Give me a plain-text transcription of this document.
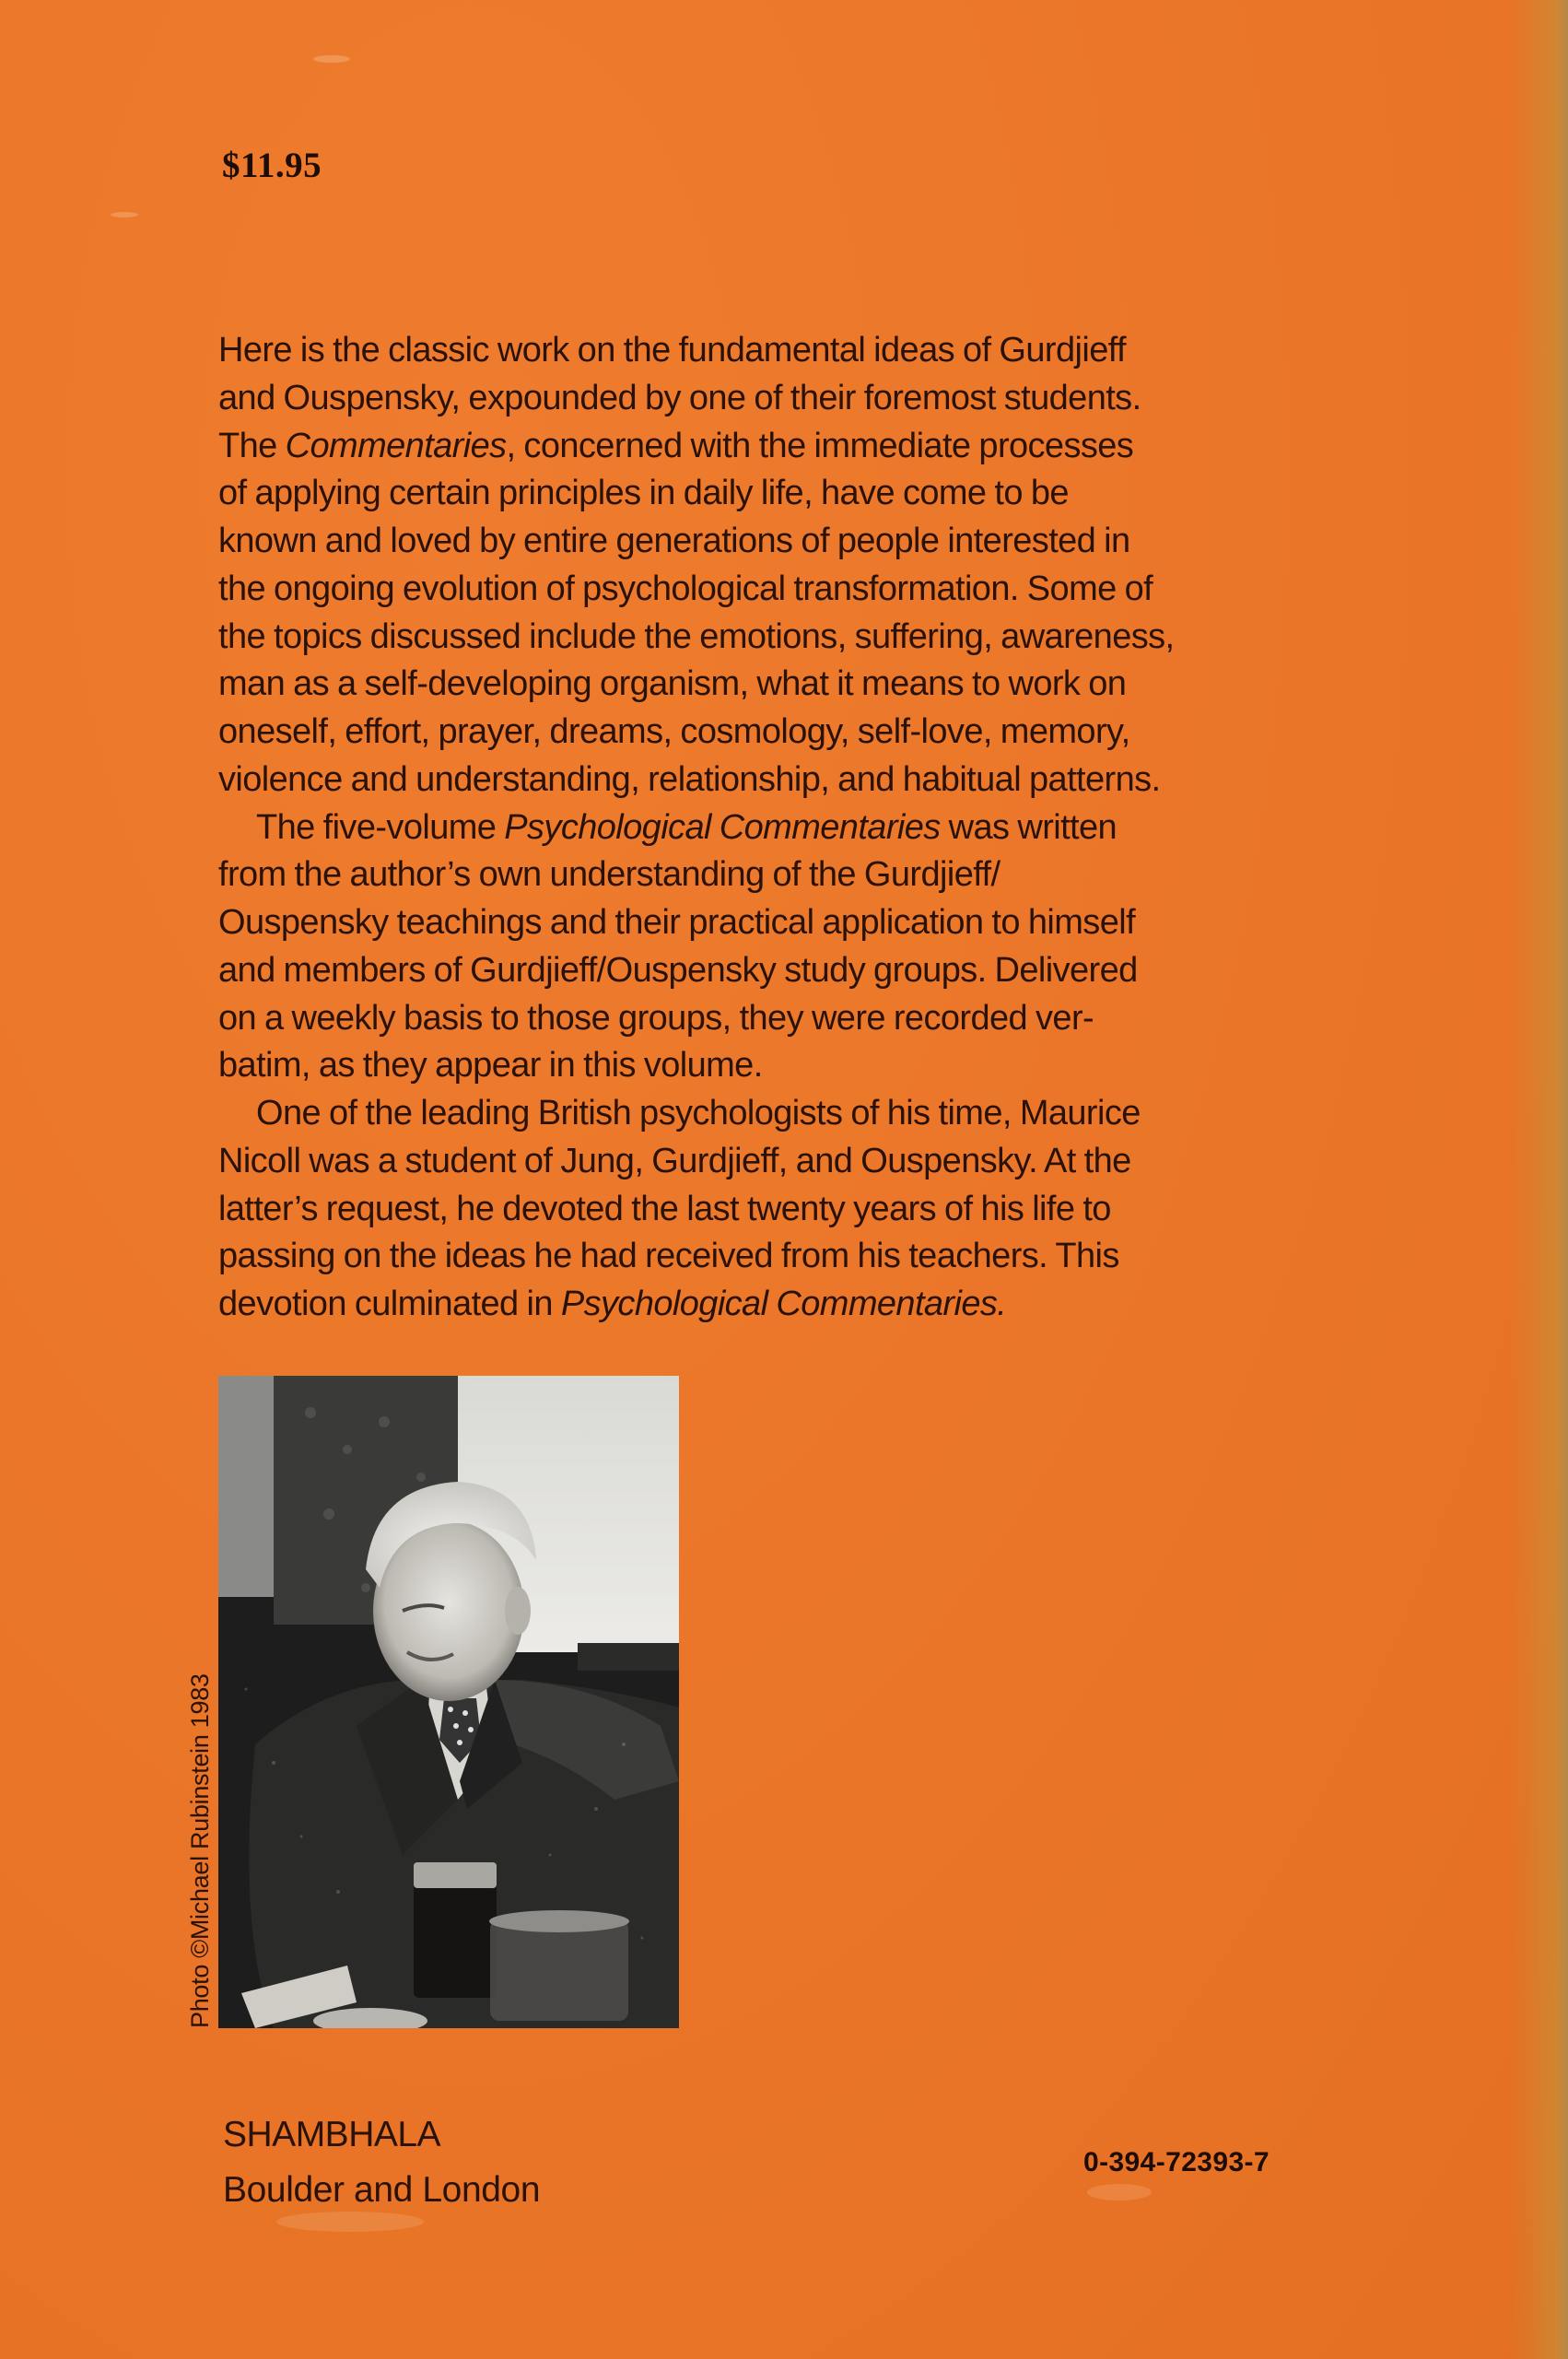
$11.95
Here is the classic work on the fundamental ideas of Gurdjieff
and Ouspensky, expounded by one of their foremost students.
The Commentaries, concerned with the immediate processes
of applying certain principles in daily life, have come to be
known and loved by entire generations of people interested in
the ongoing evolution of psychological transformation. Some of
the topics discussed include the emotions, suffering, awareness,
man as a self-developing organism, what it means to work on
oneself, effort, prayer, dreams, cosmology, self-love, memory,
violence and understanding, relationship, and habitual patterns.
The five-volume Psychological Commentaries was written
from the author’s own understanding of the Gurdjieff/
Ouspensky teachings and their practical application to himself
and members of Gurdjieff/Ouspensky study groups. Delivered
on a weekly basis to those groups, they were recorded ver-
batim, as they appear in this volume.
One of the leading British psychologists of his time, Maurice
Nicoll was a student of Jung, Gurdjieff, and Ouspensky. At the
latter’s request, he devoted the last twenty years of his life to
passing on the ideas he had received from his teachers. This
devotion culminated in Psychological Commentaries.
Photo ©Michael Rubinstein 1983
SHAMBHALA
Boulder and London
0-394-72393-7
